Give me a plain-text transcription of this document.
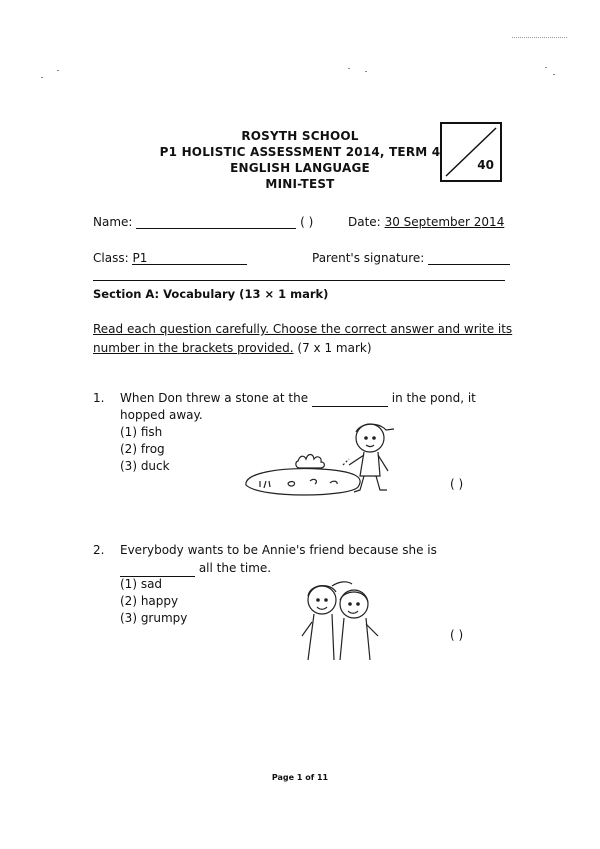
ROSYTH SCHOOL
P1 HOLISTIC ASSESSMENT 2014, TERM 4
ENGLISH LANGUAGE
MINI-TEST
40
Name:	( )	Date: 30 September 2014
Class: P1	Parent's signature:
Section A: Vocabulary (13 × 1 mark)
Read each question carefully. Choose the correct answer and write its number in the brackets provided. (7 x 1 mark)
1. When Don threw a stone at the	in the pond, it hopped away.
(1) fish
(2) frog
(3) duck
( )
2. Everybody wants to be Annie's friend because she is
all the time.
(1) sad
(2) happy
(3) grumpy
( )
Page 1 of 11
